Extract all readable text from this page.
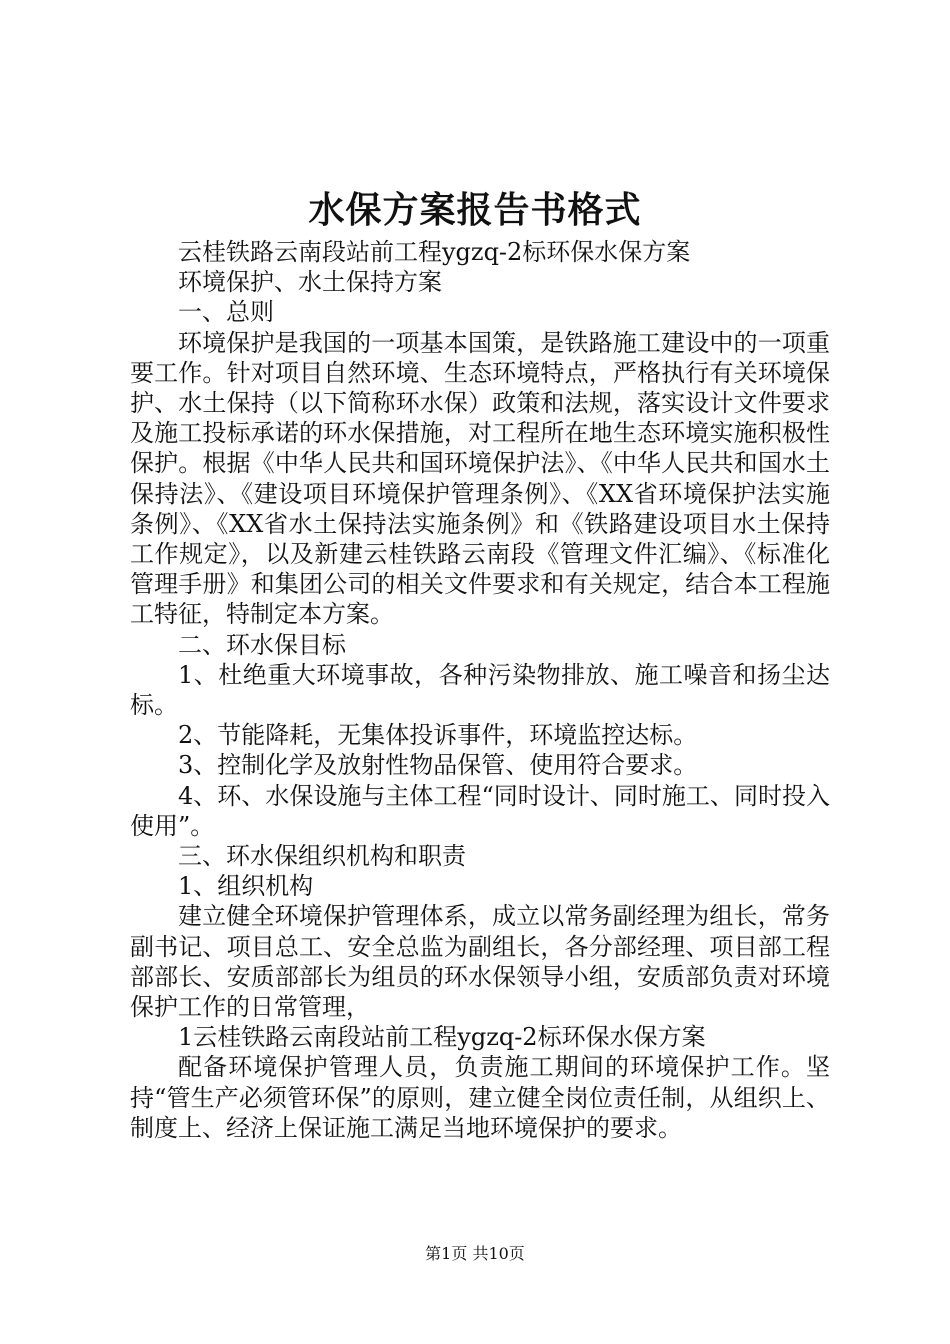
水保方案报告书格式

云桂铁路云南段站前工程ygzq-2标环保水保方案

环境保护、水土保持方案

一、总则

环境保护是我国的一项基本国策，是铁路施工建设中的一项重要工作。针对项目自然环境、生态环境特点，严格执行有关环境保护、水土保持（以下简称环水保）政策和法规，落实设计文件要求及施工投标承诺的环水保措施，对工程所在地生态环境实施积极性保护。根据《中华人民共和国环境保护法》、《中华人民共和国水土保持法》、《建设项目环境保护管理条例》、《XX省环境保护法实施条例》、《XX省水土保持法实施条例》和《铁路建设项目水土保持工作规定》，以及新建云桂铁路云南段《管理文件汇编》、《标准化管理手册》和集团公司的相关文件要求和有关规定，结合本工程施工特征，特制定本方案。

二、环水保目标

1、杜绝重大环境事故，各种污染物排放、施工噪音和扬尘达标。

2、节能降耗，无集体投诉事件，环境监控达标。

3、控制化学及放射性物品保管、使用符合要求。

4、环、水保设施与主体工程“同时设计、同时施工、同时投入使用”。

三、环水保组织机构和职责

1、组织机构

建立健全环境保护管理体系，成立以常务副经理为组长，常务副书记、项目总工、安全总监为副组长，各分部经理、项目部工程部部长、安质部部长为组员的环水保领导小组，安质部负责对环境保护工作的日常管理，

1云桂铁路云南段站前工程ygzq-2标环保水保方案

配备环境保护管理人员，负责施工期间的环境保护工作。坚持“管生产必须管环保”的原则，建立健全岗位责任制，从组织上、制度上、经济上保证施工满足当地环境保护的要求。

第1页 共10页
